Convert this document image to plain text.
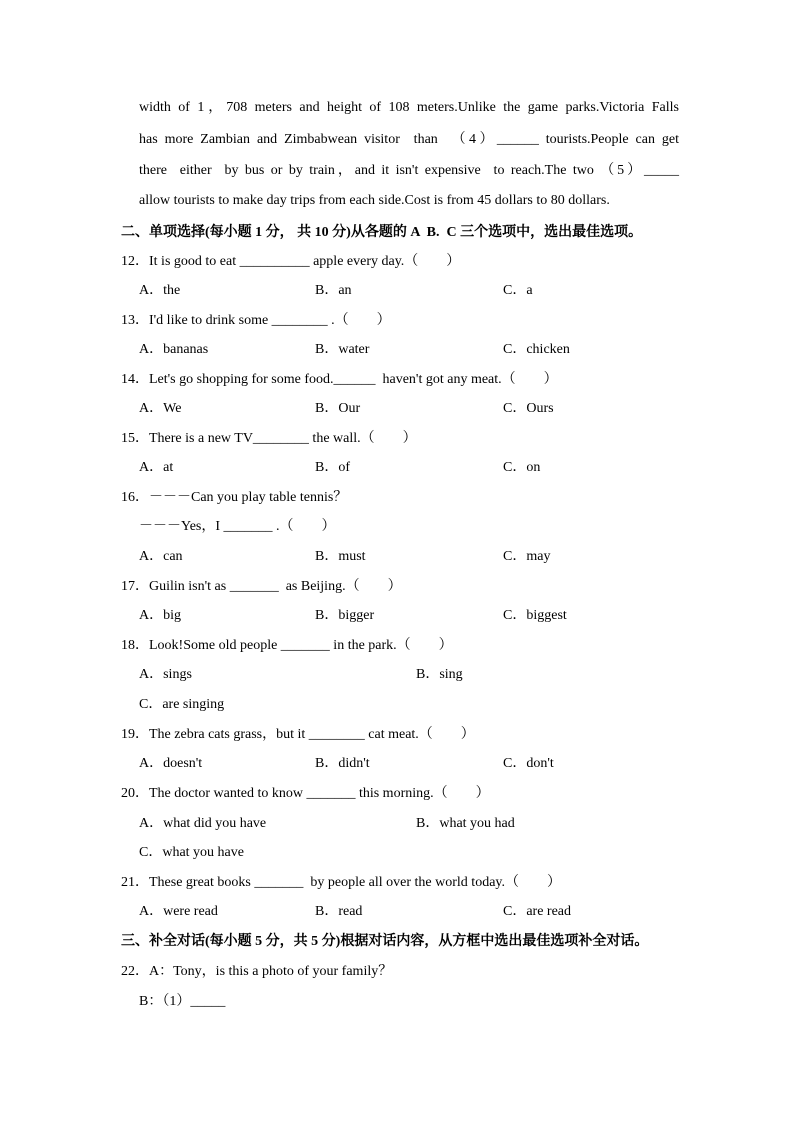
width of 1，708 meters and height of 108 meters.Unlike the game parks.Victoria Falls
has more Zambian and Zimbabwean visitor  than  （4）______ tourists.People can get
there  either  by bus or by train，and it isn't expensive  to reach.The two （5）_____
allow tourists to make day trips from each side.Cost is from 45 dollars to 80 dollars.
二、单项选择(每小题 1 分， 共 10 分)从各题的 A  B.  C 三个选项中，选出最佳选项。
12．It is good to eat __________ apple every day.（　　）
A．the	B．an	C．a
13．I'd like to drink some ________ .（　　）
A．bananas	B．water	C．chicken
14．Let's go shopping for some food.______  haven't got any meat.（　　）
A．We	B．Our	C．Ours
15．There is a new TV________ the wall.（　　）
A．at	B．of	C．on
16．－－－Can you play table tennis？
－－－Yes，I _______ .（　　）
A．can	B．must	C．may
17．Guilin isn't as _______  as Beijing.（　　）
A．big	B．bigger	C．biggest
18．Look!Some old people _______ in the park.（　　）
A．sings	B．sing
C．are singing
19．The zebra cats grass，but it ________ cat meat.（　　）
A．doesn't	B．didn't	C．don't
20．The doctor wanted to know _______ this morning.（　　）
A．what did you have	B．what you had
C．what you have
21．These great books _______  by people all over the world today.（　　）
A．were read	B．read	C．are read
三、补全对话(每小题 5 分，共 5 分)根据对话内容，从方框中选出最佳选项补全对话。
22．A：Tony，is this a photo of your family？
B：（1）_____
